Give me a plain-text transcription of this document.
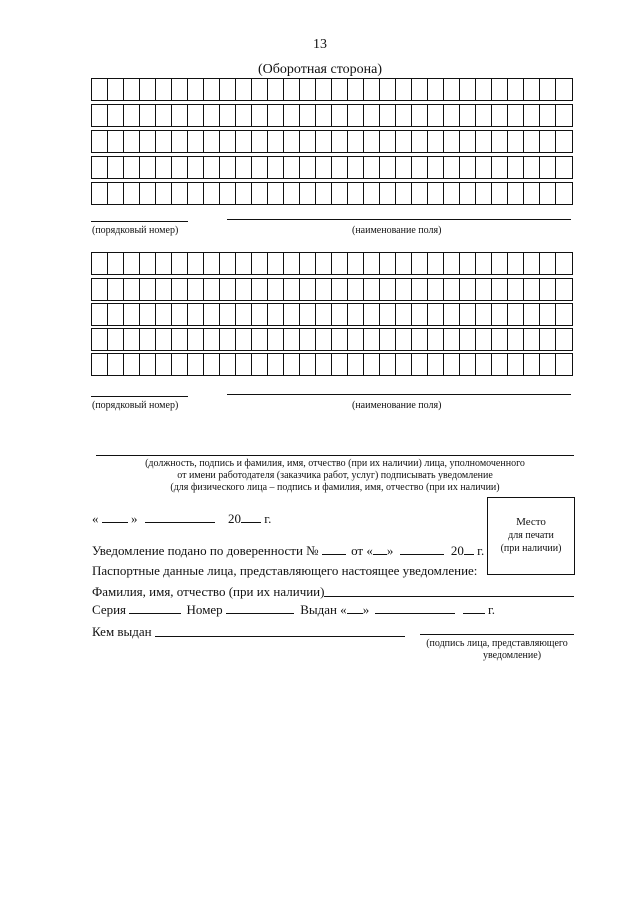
13
(Оборотная сторона)
(порядковый номер)	(наименование поля)
(порядковый номер)	(наименование поля)
(должность, подпись и фамилия, имя, отчество (при их наличии) лица, уполномоченного
от имени работодателя (заказчика работ, услуг) подписывать уведомление
(для физического лица – подпись и фамилия, имя, отчество (при их наличии)
«	»	20 г.	Место
для печати
(при наличии)
Уведомление подано по доверенности №	от « »	20 г.
Паспортные данные лица, представляющего настоящее уведомление:
Фамилия, имя, отчество (при их наличии)
Серия	Номер	Выдан « »	г.
Кем выдан
(подпись лица, представляющего
уведомление)
